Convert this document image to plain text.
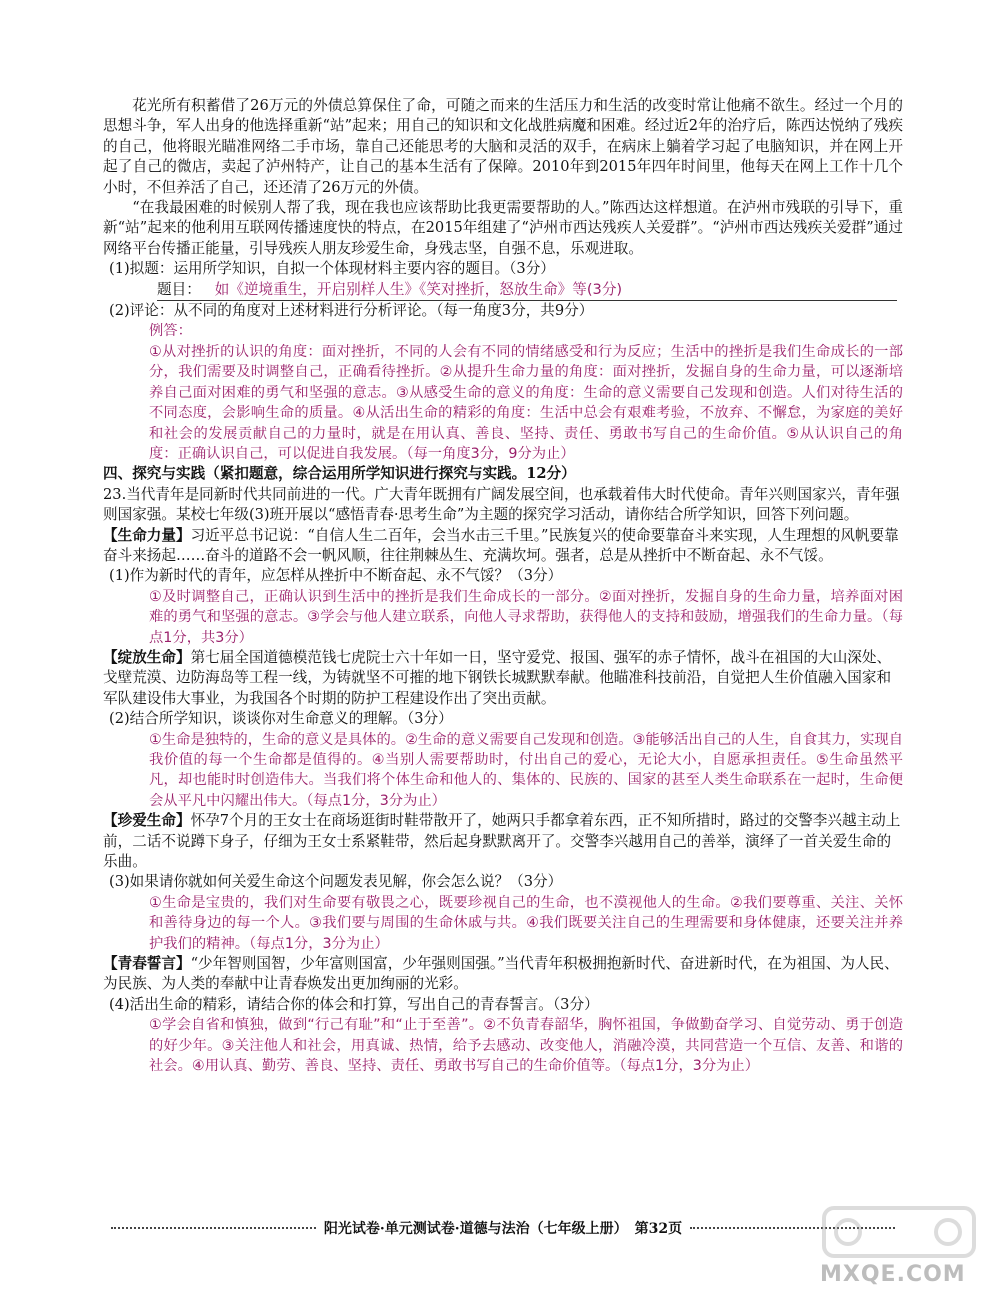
花光所有积蓄借了26万元的外债总算保住了命，可随之而来的生活压力和生活的改变时常让他痛不欲生。经过一个月的思想斗争，军人出身的他选择重新“站”起来；用自己的知识和文化战胜病魔和困难。经过近2年的治疗后，陈西达悦纳了残疾的自己，他将眼光瞄准网络二手市场，靠自己还能思考的大脑和灵活的双手，在病床上躺着学习起了电脑知识，并在网上开起了自己的微店，卖起了泸州特产，让自己的基本生活有了保障。2010年到2015年四年时间里，他每天在网上工作十几个小时，不但养活了自己，还还清了26万元的外债。

“在我最困难的时候别人帮了我，现在我也应该帮助比我更需要帮助的人。”陈西达这样想道。在泸州市残联的引导下，重新“站”起来的他利用互联网传播速度快的特点，在2015年组建了“泸州市西达残疾人关爱群”。“泸州市西达残疾关爱群”通过网络平台传播正能量，引导残疾人朋友珍爱生命，身残志坚，自强不息，乐观进取。

(1)拟题：运用所学知识，自拟一个体现材料主要内容的题目。（3分）

题目： 如《逆境重生，开启别样人生》《笑对挫折，怒放生命》等(3分)

(2)评论：从不同的角度对上述材料进行分析评论。（每一角度3分，共9分）

例答：

①从对挫折的认识的角度：面对挫折，不同的人会有不同的情绪感受和行为反应；生活中的挫折是我们生命成长的一部分，我们需要及时调整自己，正确看待挫折。②从提升生命力量的角度：面对挫折，发掘自身的生命力量，可以逐渐培养自己面对困难的勇气和坚强的意志。③从感受生命的意义的角度：生命的意义需要自己发现和创造。人们对待生活的不同态度，会影响生命的质量。④从活出生命的精彩的角度：生活中总会有艰难考验，不放弃、不懈怠，为家庭的美好和社会的发展贡献自己的力量时，就是在用认真、善良、坚持、责任、勇敢书写自己的生命价值。⑤从认识自己的角度：正确认识自己，可以促进自我发展。（每一角度3分，9分为止）

四、探究与实践（紧扣题意，综合运用所学知识进行探究与实践。12分）

23.当代青年是同新时代共同前进的一代。广大青年既拥有广阔发展空间，也承载着伟大时代使命。青年兴则国家兴，青年强则国家强。某校七年级(3)班开展以“感悟青春·思考生命”为主题的探究学习活动，请你结合所学知识，回答下列问题。

【生命力量】习近平总书记说：“自信人生二百年，会当水击三千里。”民族复兴的使命要靠奋斗来实现，人生理想的风帆要靠奋斗来扬起……奋斗的道路不会一帆风顺，往往荆棘丛生、充满坎坷。强者，总是从挫折中不断奋起、永不气馁。

(1)作为新时代的青年，应怎样从挫折中不断奋起、永不气馁？（3分）

①及时调整自己，正确认识到生活中的挫折是我们生命成长的一部分。②面对挫折，发掘自身的生命力量，培养面对困难的勇气和坚强的意志。③学会与他人建立联系，向他人寻求帮助，获得他人的支持和鼓励，增强我们的生命力量。（每点1分，共3分）

【绽放生命】第七届全国道德模范钱七虎院士六十年如一日，坚守爱党、报国、强军的赤子情怀，战斗在祖国的大山深处、戈壁荒漠、边防海岛等工程一线，为铸就坚不可摧的地下钢铁长城默默奉献。他瞄准科技前沿，自觉把人生价值融入国家和军队建设伟大事业，为我国各个时期的防护工程建设作出了突出贡献。

(2)结合所学知识，谈谈你对生命意义的理解。（3分）

①生命是独特的，生命的意义是具体的。②生命的意义需要自己发现和创造。③能够活出自己的人生，自食其力，实现自我价值的每一个生命都是值得的。④当别人需要帮助时，付出自己的爱心，无论大小，自愿承担责任。⑤生命虽然平凡，却也能时时创造伟大。当我们将个体生命和他人的、集体的、民族的、国家的甚至人类生命联系在一起时，生命便会从平凡中闪耀出伟大。（每点1分，3分为止）

【珍爱生命】怀孕7个月的王女士在商场逛街时鞋带散开了，她两只手都拿着东西，正不知所措时，路过的交警李兴越主动上前，二话不说蹲下身子，仔细为王女士系紧鞋带，然后起身默默离开了。交警李兴越用自己的善举，演绎了一首关爱生命的乐曲。

(3)如果请你就如何关爱生命这个问题发表见解，你会怎么说？（3分）

①生命是宝贵的，我们对生命要有敬畏之心，既要珍视自己的生命，也不漠视他人的生命。②我们要尊重、关注、关怀和善待身边的每一个人。③我们要与周围的生命休戚与共。④我们既要关注自己的生理需要和身体健康，还要关注并养护我们的精神。（每点1分，3分为止）

【青春誓言】“少年智则国智，少年富则国富，少年强则国强。”当代青年积极拥抱新时代、奋进新时代，在为祖国、为人民、为民族、为人类的奉献中让青春焕发出更加绚丽的光彩。

(4)活出生命的精彩，请结合你的体会和打算，写出自己的青春誓言。（3分）

①学会自省和慎独，做到“行己有耻”和“止于至善”。②不负青春韶华，胸怀祖国，争做勤奋学习、自觉劳动、勇于创造的好少年。③关注他人和社会，用真诚、热情，给予去感动、改变他人，消融冷漠，共同营造一个互信、友善、和谐的社会。④用认真、勤劳、善良、坚持、责任、勇敢书写自己的生命价值等。（每点1分，3分为止）

阳光试卷·单元测试卷·道德与法治（七年级上册）　第32页
MXQE.COM
